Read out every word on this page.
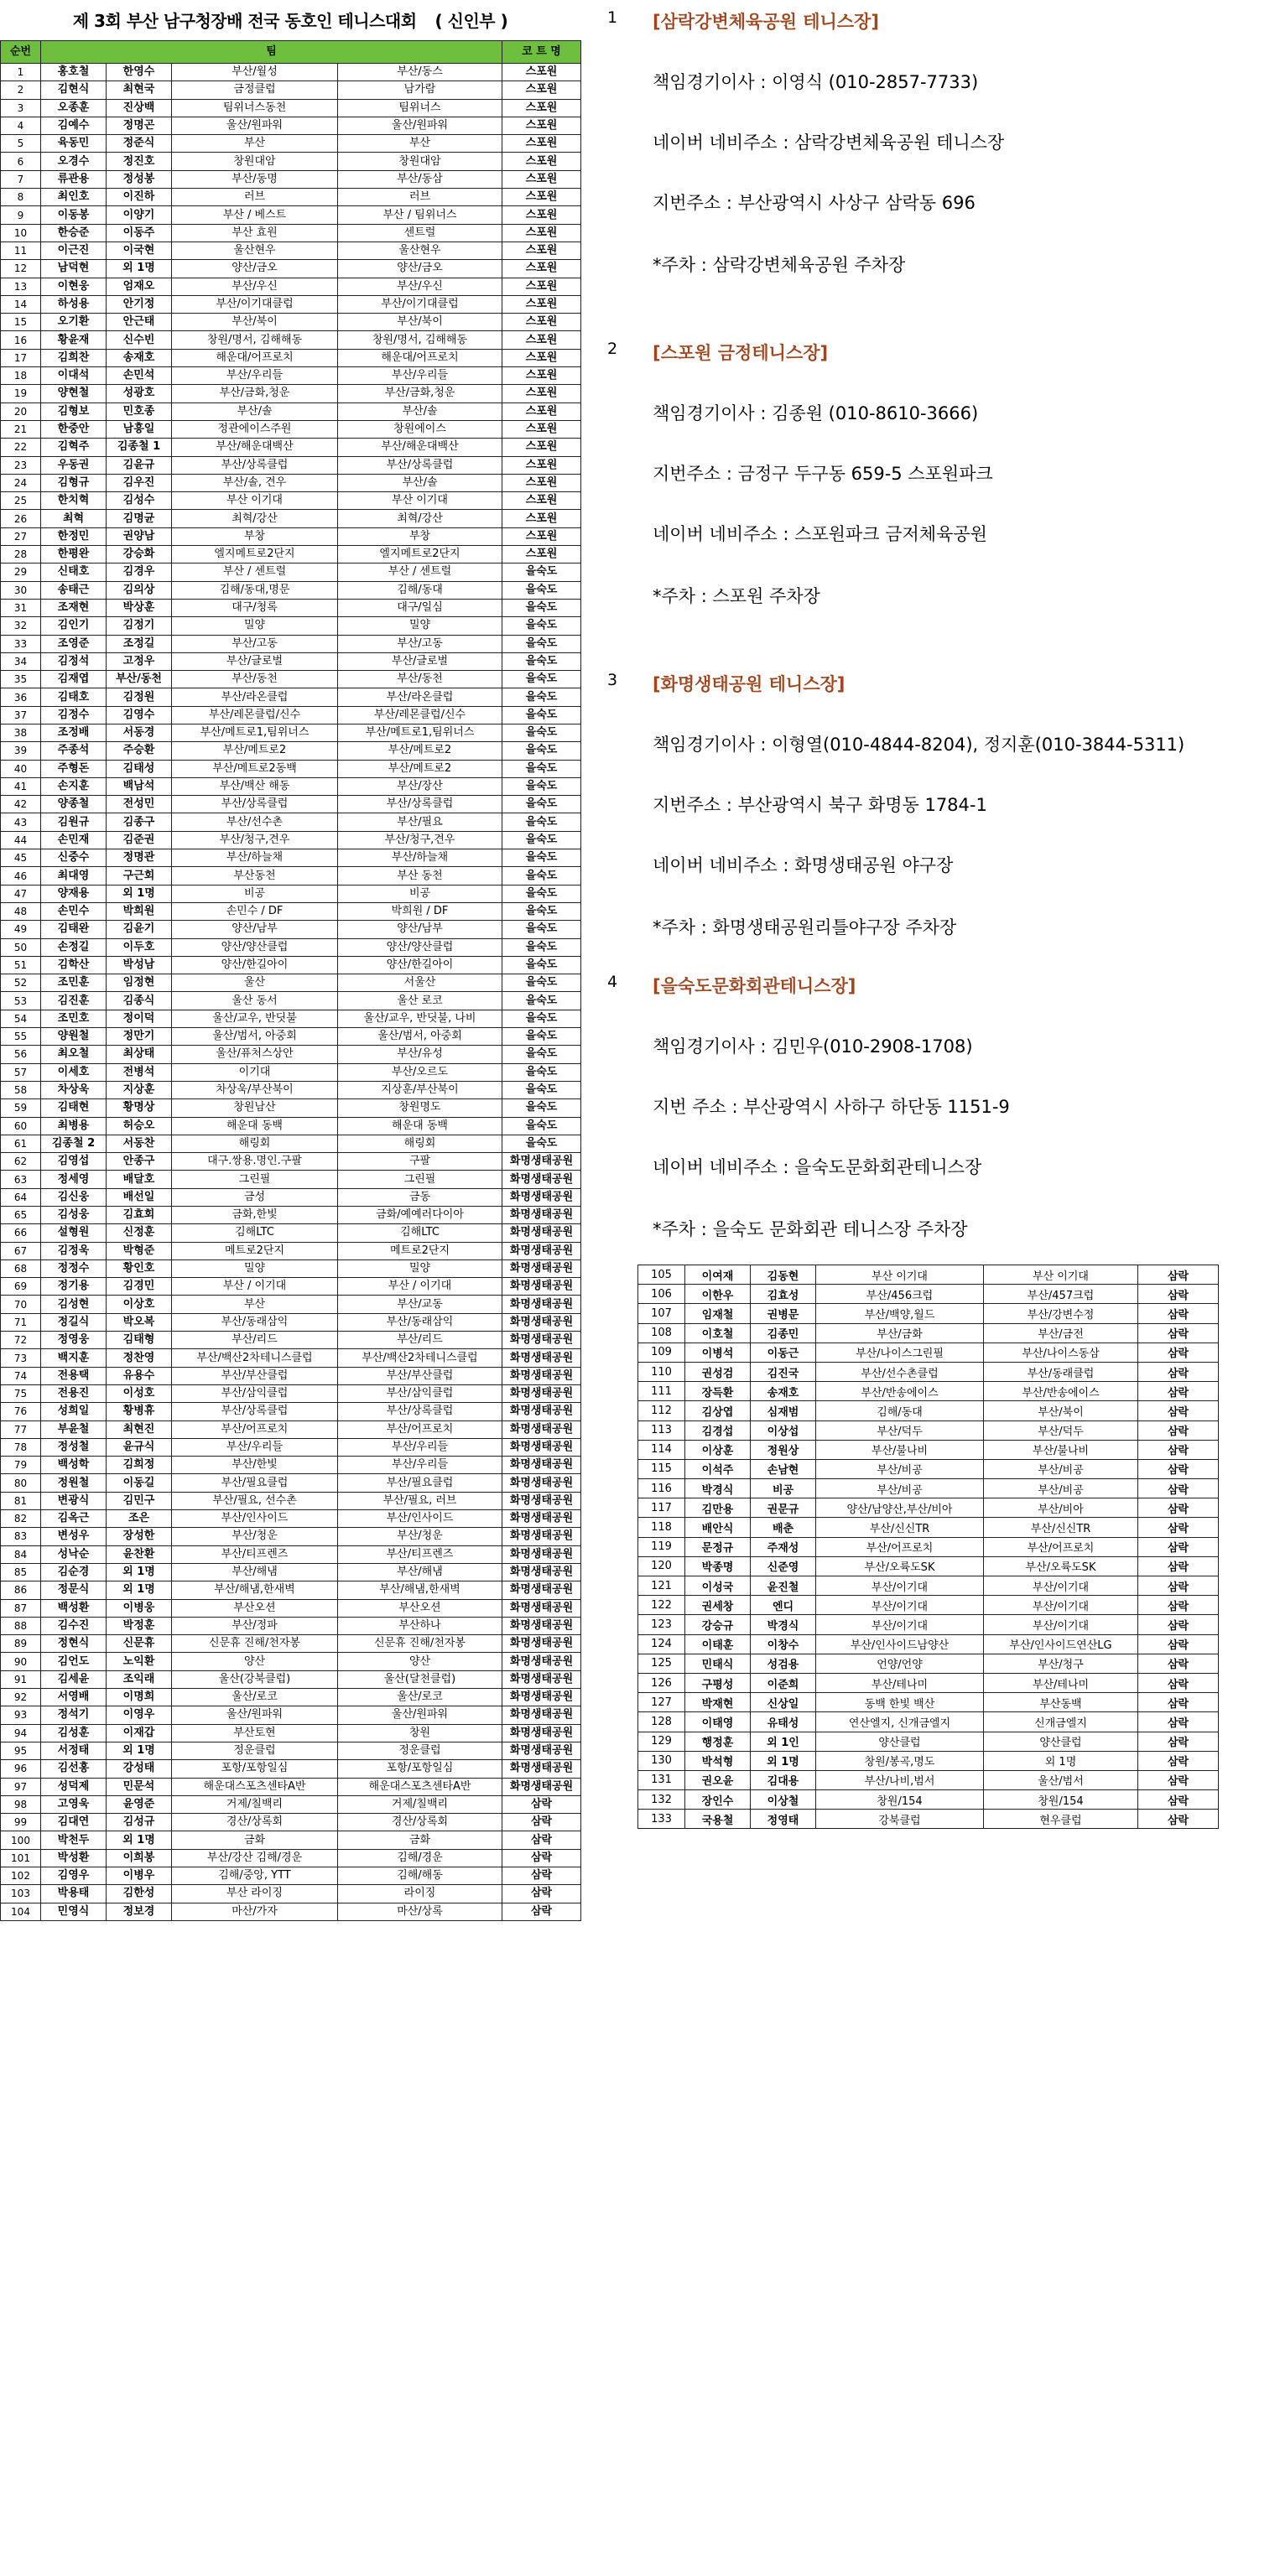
제 3회 부산 남구청장배 전국 동호인 테니스대회 ( 신인부 )
순번	팀				코 트 명
1	홍호철	한영수	부산/월성	부산/동스	스포원
2	김현식	최현국	금정클럽	남가람	스포원
3	오종훈	진상백	팀위너스동천	팀위너스	스포원
4	김예수	정명곤	울산/원파워	울산/원파워	스포원
5	육동민	정준식	부산	부산	스포원
6	오경수	정진호	창원대암	창원대암	스포원
7	류관용	정성봉	부산/동명	부산/동삼	스포원
8	최인호	이진하	러브	러브	스포원
9	이동봉	이양기	부산 / 베스트	부산 / 팀위너스	스포원
10	한승준	이동주	부산 효원	센트럴	스포원
11	이근진	이국현	울산현우	울산현우	스포원
12	남덕현	외 1명	양산/금오	양산/금오	스포원
13	이현웅	엄재오	부산/우신	부산/우신	스포원
14	하성용	안기정	부산/이기대클럽	부산/이기대클럽	스포원
15	오기환	안근태	부산/북이	부산/북이	스포원
16	황윤재	신수빈	창원/명서, 김해해동	창원/명서, 김해해동	스포원
17	김희찬	송재호	해운대/어프로치	해운대/어프로치	스포원
18	이대석	손민석	부산/우리들	부산/우리들	스포원
19	양현철	성광호	부산/금화,청운	부산/금화,청운	스포원
20	김형보	민호종	부산/솔	부산/솔	스포원
21	한중안	남흥일	정관에이스주원	창원에이스	스포원
22	김혁주	김종철 1	부산/해운대백산	부산/해운대백산	스포원
23	우동권	김윤규	부산/상록클럽	부산/상록클럽	스포원
24	김형규	김우진	부산/솔, 견우	부산/솔	스포원
25	한치혁	김성수	부산 이기대	부산 이기대	스포원
26	최혁	김명균	최혁/강산	최혁/강산	스포원
27	한정민	권양남	부창	부창	스포원
28	한평완	강승화	엘지메트로2단지	엘지메트로2단지	스포원
29	신태호	김경우	부산 / 센트럴	부산 / 센트럴	을숙도
30	송태근	김의상	김해/동대,명문	김해/동대	을숙도
31	조재현	박상훈	대구/청록	대구/일심	을숙도
32	김인기	김정기	밀양	밀양	을숙도
33	조영준	조정길	부산/고동	부산/고동	을숙도
34	김정석	고정우	부산/글로벌	부산/글로벌	을숙도
35	김재엽	부산/동천	부산/동천	부산/동천	을숙도
36	김태호	김정원	부산/라온클럽	부산/라온클럽	을숙도
37	김정수	김영수	부산/레몬클럽/신수	부산/레몬클럽/신수	을숙도
38	조정배	서동경	부산/메트로1,팀위너스	부산/메트로1,팀위너스	을숙도
39	주종석	주승환	부산/메트로2	부산/메트로2	을숙도
40	주형돈	김태성	부산/메트로2동백	부산/메트로2	을숙도
41	손지훈	백남석	부산/백산 해동	부산/장산	을숙도
42	양종철	전성민	부산/상록클럽	부산/상록클럽	을숙도
43	김원규	김종구	부산/선수촌	부산/필요	을숙도
44	손민재	김준권	부산/청구,견우	부산/청구,견우	을숙도
45	신중수	정명관	부산/하늘채	부산/하늘채	을숙도
46	최대영	구근회	부산동천	부산 동천	을숙도
47	양재용	외 1명	비공	비공	을숙도
48	손민수	박희원	손민수 / DF	박희원 / DF	을숙도
49	김태완	김윤기	양산/남부	양산/남부	을숙도
50	손정길	이두호	양산/양산클럽	양산/양산클럽	을숙도
51	김학산	박성남	양산/한길아이	양산/한길아이	을숙도
52	조민훈	임정현	울산	서울산	을숙도
53	김진훈	김종식	울산 동서	울산 로코	을숙도
54	조민호	정이덕	울산/교우, 반딧불	울산/교우, 반딧불, 나비	을숙도
55	양원철	정만기	울산/범서, 아중회	울산/범서, 아중회	을숙도
56	최오철	최상태	울산/퓨처스상안	부산/유성	을숙도
57	이세호	전병석	이기대	부산/오르도	을숙도
58	차상욱	지상훈	차상욱/부산북이	지상훈/부산북이	을숙도
59	김태현	황명상	창원남산	창원명도	을숙도
60	최병용	허승오	해운대 동백	해운대 동백	을숙도
61	김종철 2	서동찬	해링회	해링회	을숙도
62	김영섭	안종구	대구.쌍용.명인.구팔	구팔	화명생태공원
63	정세영	배달호	그린필	그린필	화명생태공원
64	김신웅	배선일	금성	금동	화명생태공원
65	김성웅	김효회	금화,한빛	금화/예예러다이아	화명생태공원
66	설형원	신정훈	김해LTC	김해LTC	화명생태공원
67	김정욱	박형준	메트로2단지	메트로2단지	화명생태공원
68	정정수	황인호	밀양	밀양	화명생태공원
69	정기용	김경민	부산 / 이기대	부산 / 이기대	화명생태공원
70	김성현	이상호	부산	부산/교동	화명생태공원
71	정길식	박오복	부산/동래삼익	부산/동래삼익	화명생태공원
72	정영웅	김태형	부산/리드	부산/리드	화명생태공원
73	백지훈	정찬영	부산/백산2차테니스클럽	부산/백산2차테니스클럽	화명생태공원
74	전용택	유용수	부산/부산클럽	부산/부산클럽	화명생태공원
75	전용진	이성호	부산/삼익클럽	부산/삼익클럽	화명생태공원
76	성희일	황병휴	부산/상록클럽	부산/상록클럽	화명생태공원
77	부윤철	최현진	부산/어프로치	부산/어프로치	화명생태공원
78	정성철	윤규식	부산/우리들	부산/우리들	화명생태공원
79	백성학	김희정	부산/한빛	부산/우리들	화명생태공원
80	정원철	이동길	부산/필요클럽	부산/필요클럽	화명생태공원
81	변광식	김민구	부산/필요, 선수촌	부산/필요, 러브	화명생태공원
82	김옥근	조은	부산/인사이드	부산/인사이드	화명생태공원
83	변성우	장성한	부산/청운	부산/청운	화명생태공원
84	성낙순	윤찬환	부산/티프렌즈	부산/티프렌즈	화명생태공원
85	김순경	외 1명	부산/해냄	부산/해냄	화명생태공원
86	정문식	외 1명	부산/해냄,한새벽	부산/해냄,한새벽	화명생태공원
87	백성환	이병웅	부산오션	부산오션	화명생태공원
88	김수진	박정훈	부산/정파	부산하나	화명생태공원
89	정현식	신문휴	신문휴 진해/천자봉	신문휴 진해/천자봉	화명생태공원
90	김언도	노익환	양산	양산	화명생태공원
91	김세윤	조익래	울산(강북클럽)	울산(달천클럽)	화명생태공원
92	서영배	이명희	울산/로코	울산/로코	화명생태공원
93	정석기	이영우	울산/원파워	울산/원파워	화명생태공원
94	김성훈	이재갑	부산토현	창원	화명생태공원
95	서정태	외 1명	정운클럽	정운클럽	화명생태공원
96	김선홍	강성태	포항/포항일심	포항/포항일심	화명생태공원
97	성덕제	민문석	해운대스포츠센타A반	해운대스포츠센타A반	화명생태공원
98	고영욱	윤영준	거제/칠백리	거제/칠백리	삼락
99	김대연	김성규	경산/상록회	경산/상록회	삼락
100	박천두	외 1명	금화	금화	삼락
101	박성환	이희봉	부산/강산 김해/경운	김해/경운	삼락
102	김영우	이병우	김해/중앙, YTT	김해/해동	삼락
103	박용태	김한성	부산 라이징	라이징	삼락
104	민영식	정보경	마산/가자	마산/상록	삼락
105	이여재	김동현	부산 이기대	부산 이기대	삼락
106	이한우	김효성	부산/456크럽	부산/457크럽	삼락
107	임재철	권병문	부산/백양,월드	부산/강변수정	삼락
108	이호철	김종민	부산/금화	부산/금전	삼락
109	이병석	이동근	부산/나이스그린필	부산/나이스동삼	삼락
110	권성검	김진국	부산/선수촌클럽	부산/동래클럽	삼락
111	장득환	송재호	부산/반송에이스	부산/반송에이스	삼락
112	김상엽	심재범	김해/동대	부산/북이	삼락
113	김경섭	이상섭	부산/덕두	부산/덕두	삼락
114	이상훈	정원상	부산/불나비	부산/불나비	삼락
115	이석주	손남현	부산/비공	부산/비공	삼락
116	박경식	비공	부산/비공	부산/비공	삼락
117	김만용	권문규	양산/남양산,부산/비아	부산/비아	삼락
118	배안식	배춘	부산/신신TR	부산/신신TR	삼락
119	문정규	주재성	부산/어프로치	부산/어프로치	삼락
120	박종명	신준영	부산/오륙도SK	부산/오륙도SK	삼락
121	이성국	윤진철	부산/이기대	부산/이기대	삼락
122	권세창	엔디	부산/이기대	부산/이기대	삼락
123	강승규	박경식	부산/이기대	부산/이기대	삼락
124	이태훈	이창수	부산/인사이드남양산	부산/인사이드연산LG	삼락
125	민태식	성검용	언양/언양	부산/청구	삼락
126	구평성	이준희	부산/테나미	부산/테나미	삼락
127	박재현	신상일	동백 한빛 백산	부산동백	삼락
128	이태영	유태성	연산엘지, 신개금엘지	신개금엘지	삼락
129	행정훈	외 1인	양산클럽	양산클럽	삼락
130	박석형	외 1명	창원/봉곡,명도	외 1명	삼락
131	권오윤	김대용	부산/나비,범서	울산/범서	삼락
132	장인수	이상철	창원/154	창원/154	삼락
133	국용철	정영태	강북클럽	현우클럽	삼락
1 [삼락강변체육공원 테니스장]
책임경기이사 : 이영식 (010-2857-7733)
네이버 네비주소 : 삼락강변체육공원 테니스장
지번주소 : 부산광역시 사상구 삼락동 696
*주차 : 삼락강변체육공원 주차장
2 [스포원 금정테니스장]
책임경기이사 : 김종원 (010-8610-3666)
지번주소 : 금정구 두구동 659-5 스포원파크
네이버 네비주소 : 스포원파크 금저체육공원
*주차 : 스포원 주차장
3 [화명생태공원 테니스장]
책임경기이사 : 이형열(010-4844-8204), 정지훈(010-3844-5311)
지번주소 : 부산광역시 북구 화명동 1784-1
네이버 네비주소 : 화명생태공원 야구장
*주차 : 화명생태공원리틀야구장 주차장
4 [을숙도문화회관테니스장]
책임경기이사 : 김민우(010-2908-1708)
지번 주소 : 부산광역시 사하구 하단동 1151-9
네이버 네비주소 : 을숙도문화회관테니스장
*주차 : 을숙도 문화회관 테니스장 주차장
